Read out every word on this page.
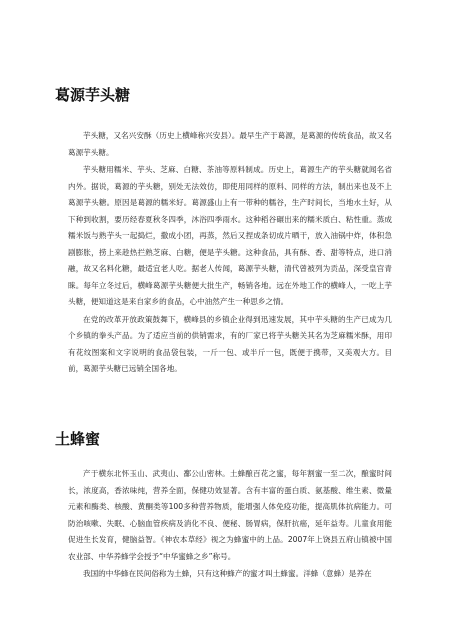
葛源芋头糖

芋头糖，又名兴安酥（历史上横峰称兴安县）。最早生产于葛源，是葛源的传统食品，故又名葛源芋头糖。

芋头糖用糯米、芋头、芝麻、白糖、茶油等原料制成。历史上，葛源生产的芋头糖就闻名省内外。据说，葛源的芋头糖，别处无法效仿，即使用同样的原料、同样的方法，制出来也及不上葛源芋头糖。原因是葛源的糯米好。葛源盛山上有一带种的糯谷，生产时间长，当地水土好，从下种到收割，要历经春夏秋冬四季，沐浴四季雨水。这种稻谷碾出来的糯米质白、粘性重。蒸成糯米饭与熟芋头一起捣烂，撒成小团，再蒸，然后又捏成条切成片晒干，放入油锅中炸，体积急剧膨胀，捞上来趁热拦熟芝麻、白糖，便是芋头糖。这种食品，具有酥、香、甜等特点，进口消融，故又名料化糖，最适宜老人吃。据老人传闻，葛源芋头糖，清代曾被列为贡品，深受皇宫青睐。每年立冬过后，横峰葛源芋头糖便大批生产，畅销各地。远在外地工作的横峰人，一吃上芋头糖，便知道这是来自家乡的食品，心中油然产生一种思乡之情。

在党的改革开放政策鼓舞下，横峰县的乡镇企业得到迅速发展，其中芋头糖的生产已成为几个乡镇的拳头产品。为了适应当前的供销需求，有的厂家已将芋头糖关其名为芝麻糯米酥，用印有花纹图案和文字说明的食品袋包装，一斤一包、或半斤一包，既便于携带，又美观大方。目前，葛源芋头糖已远销全国各地。

土蜂蜜

产于横东北怀玉山、武夷山、鄱公山密林。土蜂酿百花之蜜，每年割蜜一至二次，酿蜜时间长，浓度高，香浓味纯，营养全面，保健功效显著。含有丰富的蛋白质、氨基酸、维生素、微量元素和酶类、核酸、黄酮类等100多种营养物质，能增强人体免疫功能，提高肌体抗病能力。可防治咳嗽、失眠、心脑血管疾病及消化不良、便秘、肠胃病，保肝抗癌，延年益寿。儿童食用能促进生长发育，健脑益智。《神农本草经》视之为蜂蜜中的上品。2007年上饶县五府山镇被中国农业部、中华养蜂学会授予“中华蜜蜂之乡”称号。

我国的中华蜂在民间俗称为土蜂，只有这种蜂产的蜜才叫土蜂蜜。洋蜂（意蜂）是养在
